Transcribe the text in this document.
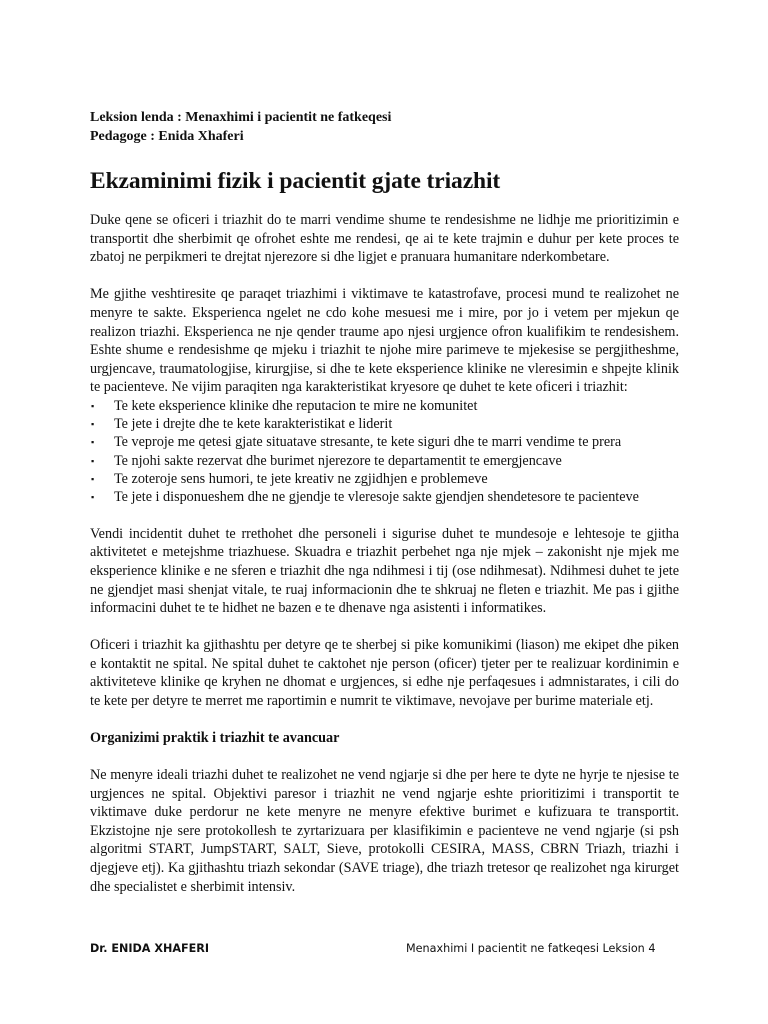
Leksion lenda : Menaxhimi i pacientit ne fatkeqesi

Pedagoge : Enida Xhaferi

Ekzaminimi fizik i pacientit gjate triazhit

Duke qene se oficeri i triazhit do te marri vendime shume te rendesishme ne lidhje me prioritizimin e transportit dhe sherbimit qe ofrohet eshte me rendesi, qe ai te kete trajmin e duhur per kete proces te zbatoj ne perpikmeri te drejtat njerezore si dhe ligjet e pranuara humanitare nderkombetare.

Me gjithe veshtiresite qe paraqet triazhimi i viktimave te katastrofave, procesi mund te realizohet ne menyre te sakte. Eksperienca ngelet ne cdo kohe mesuesi me i mire, por jo i vetem per mjekun qe realizon triazhi. Eksperienca ne nje qender traume apo njesi urgjence ofron kualifikim te rendesishem. Eshte shume e rendesishme qe mjeku i triazhit te njohe mire parimeve te mjekesise se pergjitheshme, urgjencave, traumatologjise, kirurgjise, si dhe te kete eksperience klinike ne vleresimin e shpejte klinik te pacienteve. Ne vijim paraqiten nga karakteristikat kryesore qe duhet te kete oficeri i triazhit:

▪ Te kete eksperience klinike dhe reputacion te mire ne komunitet
▪ Te jete i drejte dhe te kete karakteristikat e liderit
▪ Te veproje me qetesi gjate situatave stresante, te kete siguri dhe te marri vendime te prera
▪ Te njohi sakte rezervat dhe burimet njerezore te departamentit te emergjencave
▪ Te zoteroje sens humori, te jete kreativ ne zgjidhjen e problemeve
▪ Te jete i disponueshem dhe ne gjendje te vleresoje sakte gjendjen shendetesore te pacienteve

Vendi incidentit duhet te rrethohet dhe personeli i sigurise duhet te mundesoje e lehtesoje te gjitha aktivitetet e metejshme triazhuese. Skuadra e triazhit perbehet nga nje mjek – zakonisht nje mjek me eksperience klinike e ne sferen e triazhit dhe nga ndihmesi i tij (ose ndihmesat). Ndihmesi duhet te jete ne gjendjet masi shenjat vitale, te ruaj informacionin dhe te shkruaj ne fleten e triazhit. Me pas i gjithe informacini duhet te te hidhet ne bazen e te dhenave nga asistenti i informatikes.

Oficeri i triazhit ka gjithashtu per detyre qe te sherbej si pike komunikimi (liason) me ekipet dhe piken e kontaktit ne spital. Ne spital duhet te caktohet nje person (oficer) tjeter per te realizuar kordinimin e aktiviteteve klinike qe kryhen ne dhomat e urgjences, si edhe nje perfaqesues i admnistarates, i cili do te kete per detyre te merret me raportimin e numrit te viktimave, nevojave per burime materiale etj.

Organizimi praktik i triazhit te avancuar

Ne menyre ideali triazhi duhet te realizohet ne vend ngjarje si dhe per here te dyte ne hyrje te njesise te urgjences ne spital. Objektivi paresor i triazhit ne vend ngjarje eshte prioritizimi i transportit te viktimave duke perdorur ne kete menyre ne menyre efektive burimet e kufizuara te transportit. Ekzistojne nje sere protokollesh te zyrtarizuara per klasifikimin e pacienteve ne vend ngjarje (si psh algoritmi START, JumpSTART, SALT, Sieve, protokolli CESIRA, MASS, CBRN Triazh, triazhi i djegjeve etj). Ka gjithashtu triazh sekondar (SAVE triage), dhe triazh tretesor qe realizohet nga kirurget dhe specialistet e sherbimit intensiv.

Dr. ENIDA XHAFERI	Menaxhimi I pacientit ne fatkeqesi Leksion 4
